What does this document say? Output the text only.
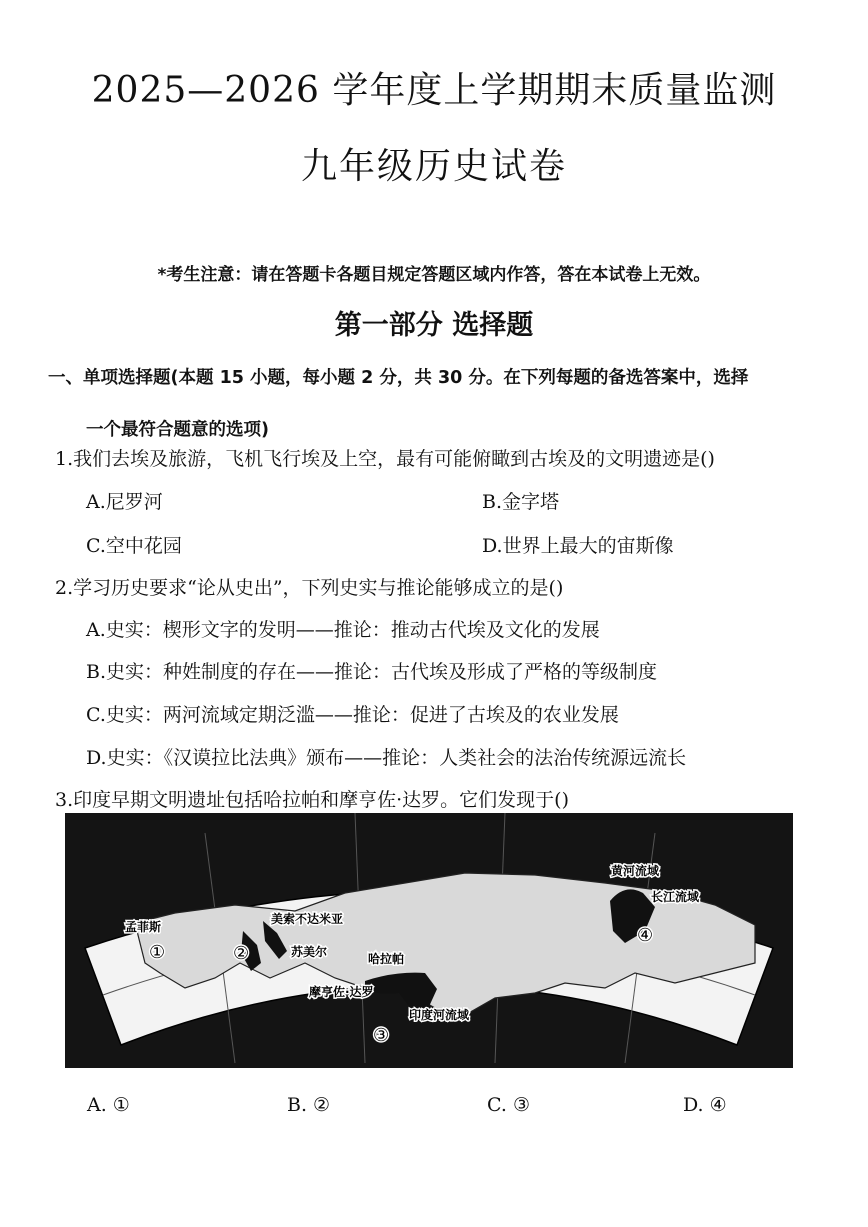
2025—2026 学年度上学期期末质量监测
九年级历史试卷
*考生注意：请在答题卡各题目规定答题区域内作答，答在本试卷上无效。
第一部分 选择题
一、单项选择题(本题 15 小题，每小题 2 分，共 30 分。在下列每题的备选答案中，选择
一个最符合题意的选项)
1.我们去埃及旅游，飞机飞行埃及上空，最有可能俯瞰到古埃及的文明遗迹是()
A.尼罗河	B.金字塔
C.空中花园	D.世界上最大的宙斯像
2.学习历史要求“论从史出”，下列史实与推论能够成立的是()
A.史实：楔形文字的发明——推论：推动古代埃及文化的发展
B.史实：种姓制度的存在——推论：古代埃及形成了严格的等级制度
C.史实：两河流域定期泛滥——推论：促进了古埃及的农业发展
D.史实：《汉谟拉比法典》颁布——推论：人类社会的法治传统源远流长
3.印度早期文明遗址包括哈拉帕和摩亨佐·达罗。它们发现于()
孟菲斯
美索不达米亚
苏美尔	哈拉帕
摩亨佐·达罗
印度河流域
黄河流域
长江流域
①	②
③
④
A. ①	B. ②	C. ③	D. ④
